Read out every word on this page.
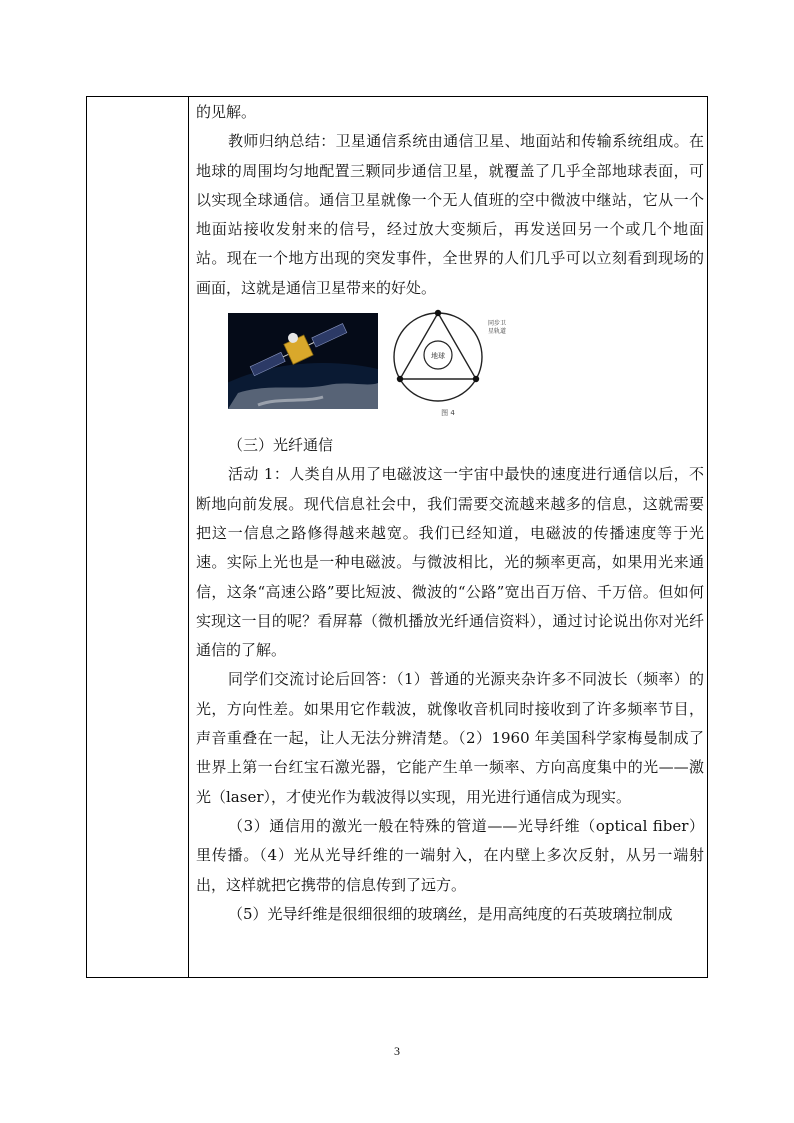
的见解。

教师归纳总结：卫星通信系统由通信卫星、地面站和传输系统组成。在地球的周围均匀地配置三颗同步通信卫星，就覆盖了几乎全部地球表面，可以实现全球通信。通信卫星就像一个无人值班的空中微波中继站，它从一个地面站接收发射来的信号，经过放大变频后，再发送回另一个或几个地面站。现在一个地方出现的突发事件，全世界的人们几乎可以立刻看到现场的画面，这就是通信卫星带来的好处。

地球
同步卫
星轨道
图 4

（三）光纤通信

活动 1：人类自从用了电磁波这一宇宙中最快的速度进行通信以后，不断地向前发展。现代信息社会中，我们需要交流越来越多的信息，这就需要把这一信息之路修得越来越宽。我们已经知道，电磁波的传播速度等于光速。实际上光也是一种电磁波。与微波相比，光的频率更高，如果用光来通信，这条“高速公路”要比短波、微波的“公路”宽出百万倍、千万倍。但如何实现这一目的呢？看屏幕（微机播放光纤通信资料），通过讨论说出你对光纤通信的了解。

同学们交流讨论后回答：（1）普通的光源夹杂许多不同波长（频率）的光，方向性差。如果用它作载波，就像收音机同时接收到了许多频率节目，声音重叠在一起，让人无法分辨清楚。（2）1960 年美国科学家梅曼制成了世界上第一台红宝石激光器，它能产生单一频率、方向高度集中的光——激光（laser），才使光作为载波得以实现，用光进行通信成为现实。

（3）通信用的激光一般在特殊的管道——光导纤维（optical fiber）里传播。（4）光从光导纤维的一端射入，在内壁上多次反射，从另一端射出，这样就把它携带的信息传到了远方。

（5）光导纤维是很细很细的玻璃丝，是用高纯度的石英玻璃拉制成

3
